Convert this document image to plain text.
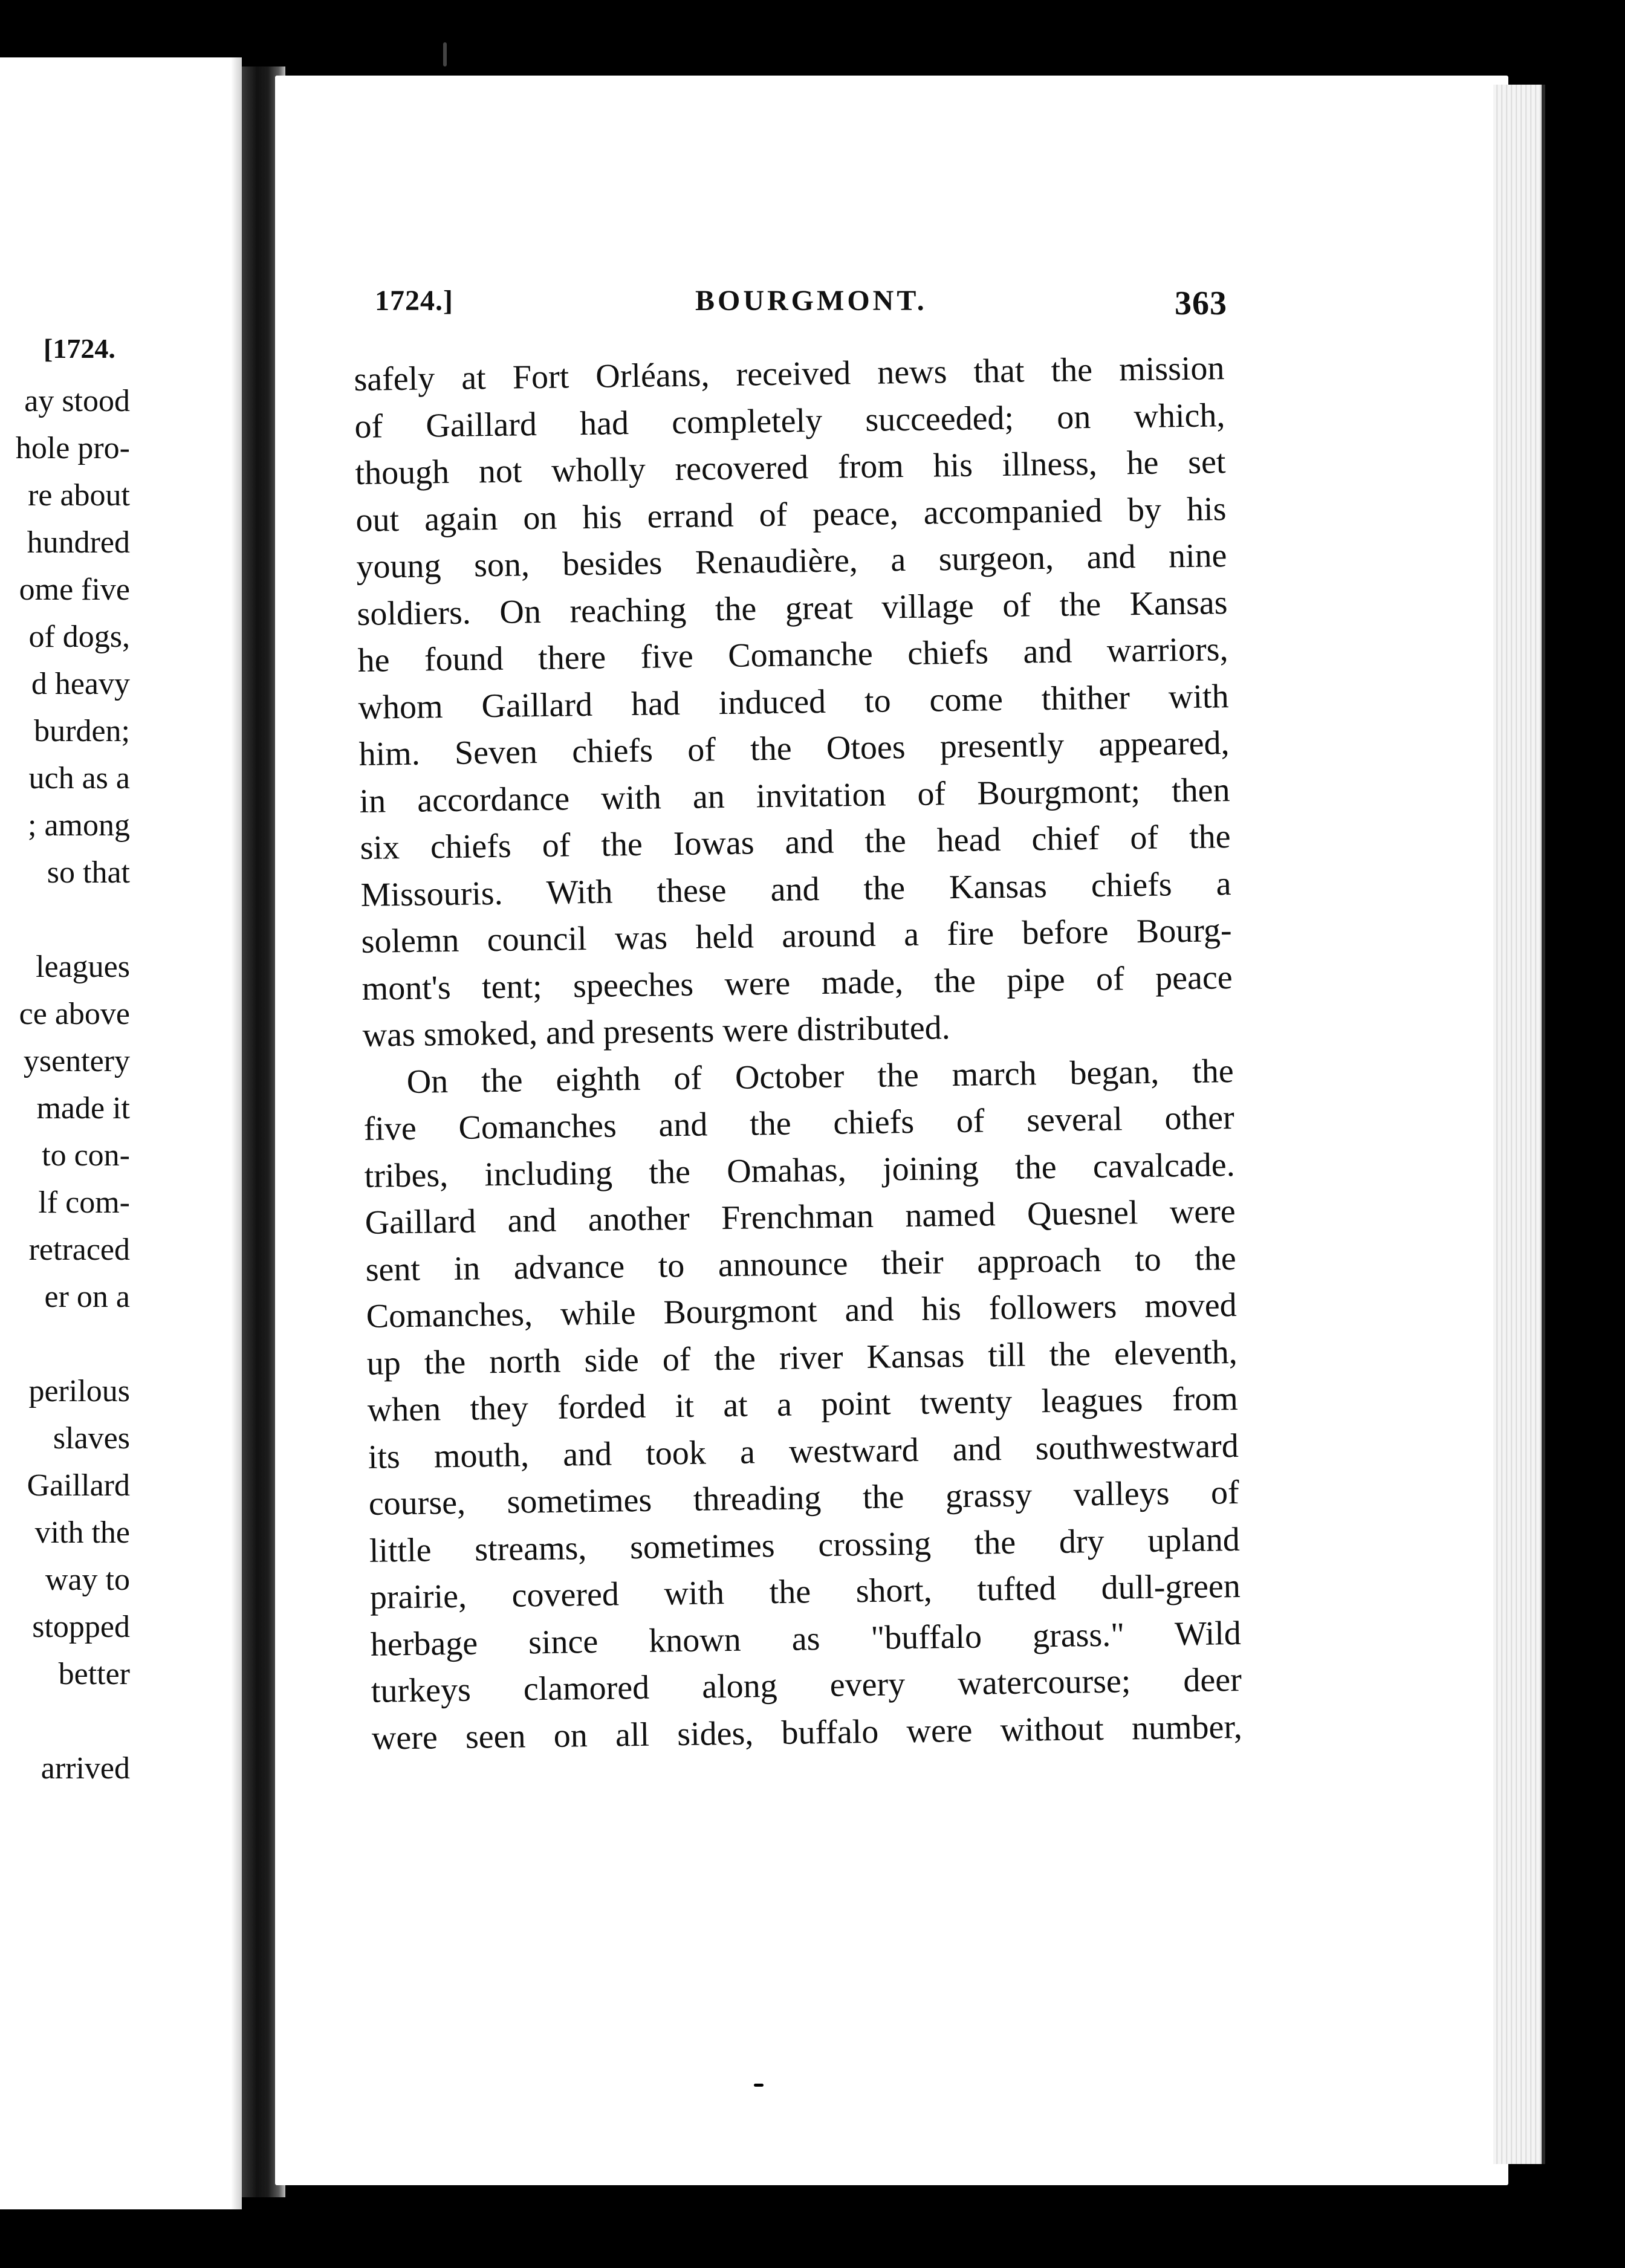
[1724.
ay stood
hole pro-
re about
hundred
ome five
of dogs,
d heavy
burden;
uch as a
; among
so that
leagues
ce above
ysentery
made it
to con-
lf com-
retraced
er on a
perilous
slaves
Gaillard
vith the
way to
stopped
better
arrived
1724.]	BOURGMONT.	363
safely at Fort Orléans, received news that the mission
of Gaillard had completely succeeded; on which,
though not wholly recovered from his illness, he set
out again on his errand of peace, accompanied by his
young son, besides Renaudière, a surgeon, and nine
soldiers. On reaching the great village of the Kansas
he found there five Comanche chiefs and warriors,
whom Gaillard had induced to come thither with
him. Seven chiefs of the Otoes presently appeared,
in accordance with an invitation of Bourgmont; then
six chiefs of the Iowas and the head chief of the
Missouris. With these and the Kansas chiefs a
solemn council was held around a fire before Bourg-
mont's tent; speeches were made, the pipe of peace
was smoked, and presents were distributed.
On the eighth of October the march began, the
five Comanches and the chiefs of several other
tribes, including the Omahas, joining the cavalcade.
Gaillard and another Frenchman named Quesnel were
sent in advance to announce their approach to the
Comanches, while Bourgmont and his followers moved
up the north side of the river Kansas till the eleventh,
when they forded it at a point twenty leagues from
its mouth, and took a westward and southwestward
course, sometimes threading the grassy valleys of
little streams, sometimes crossing the dry upland
prairie, covered with the short, tufted dull-green
herbage since known as "buffalo grass." Wild
turkeys clamored along every watercourse; deer
were seen on all sides, buffalo were without number,
